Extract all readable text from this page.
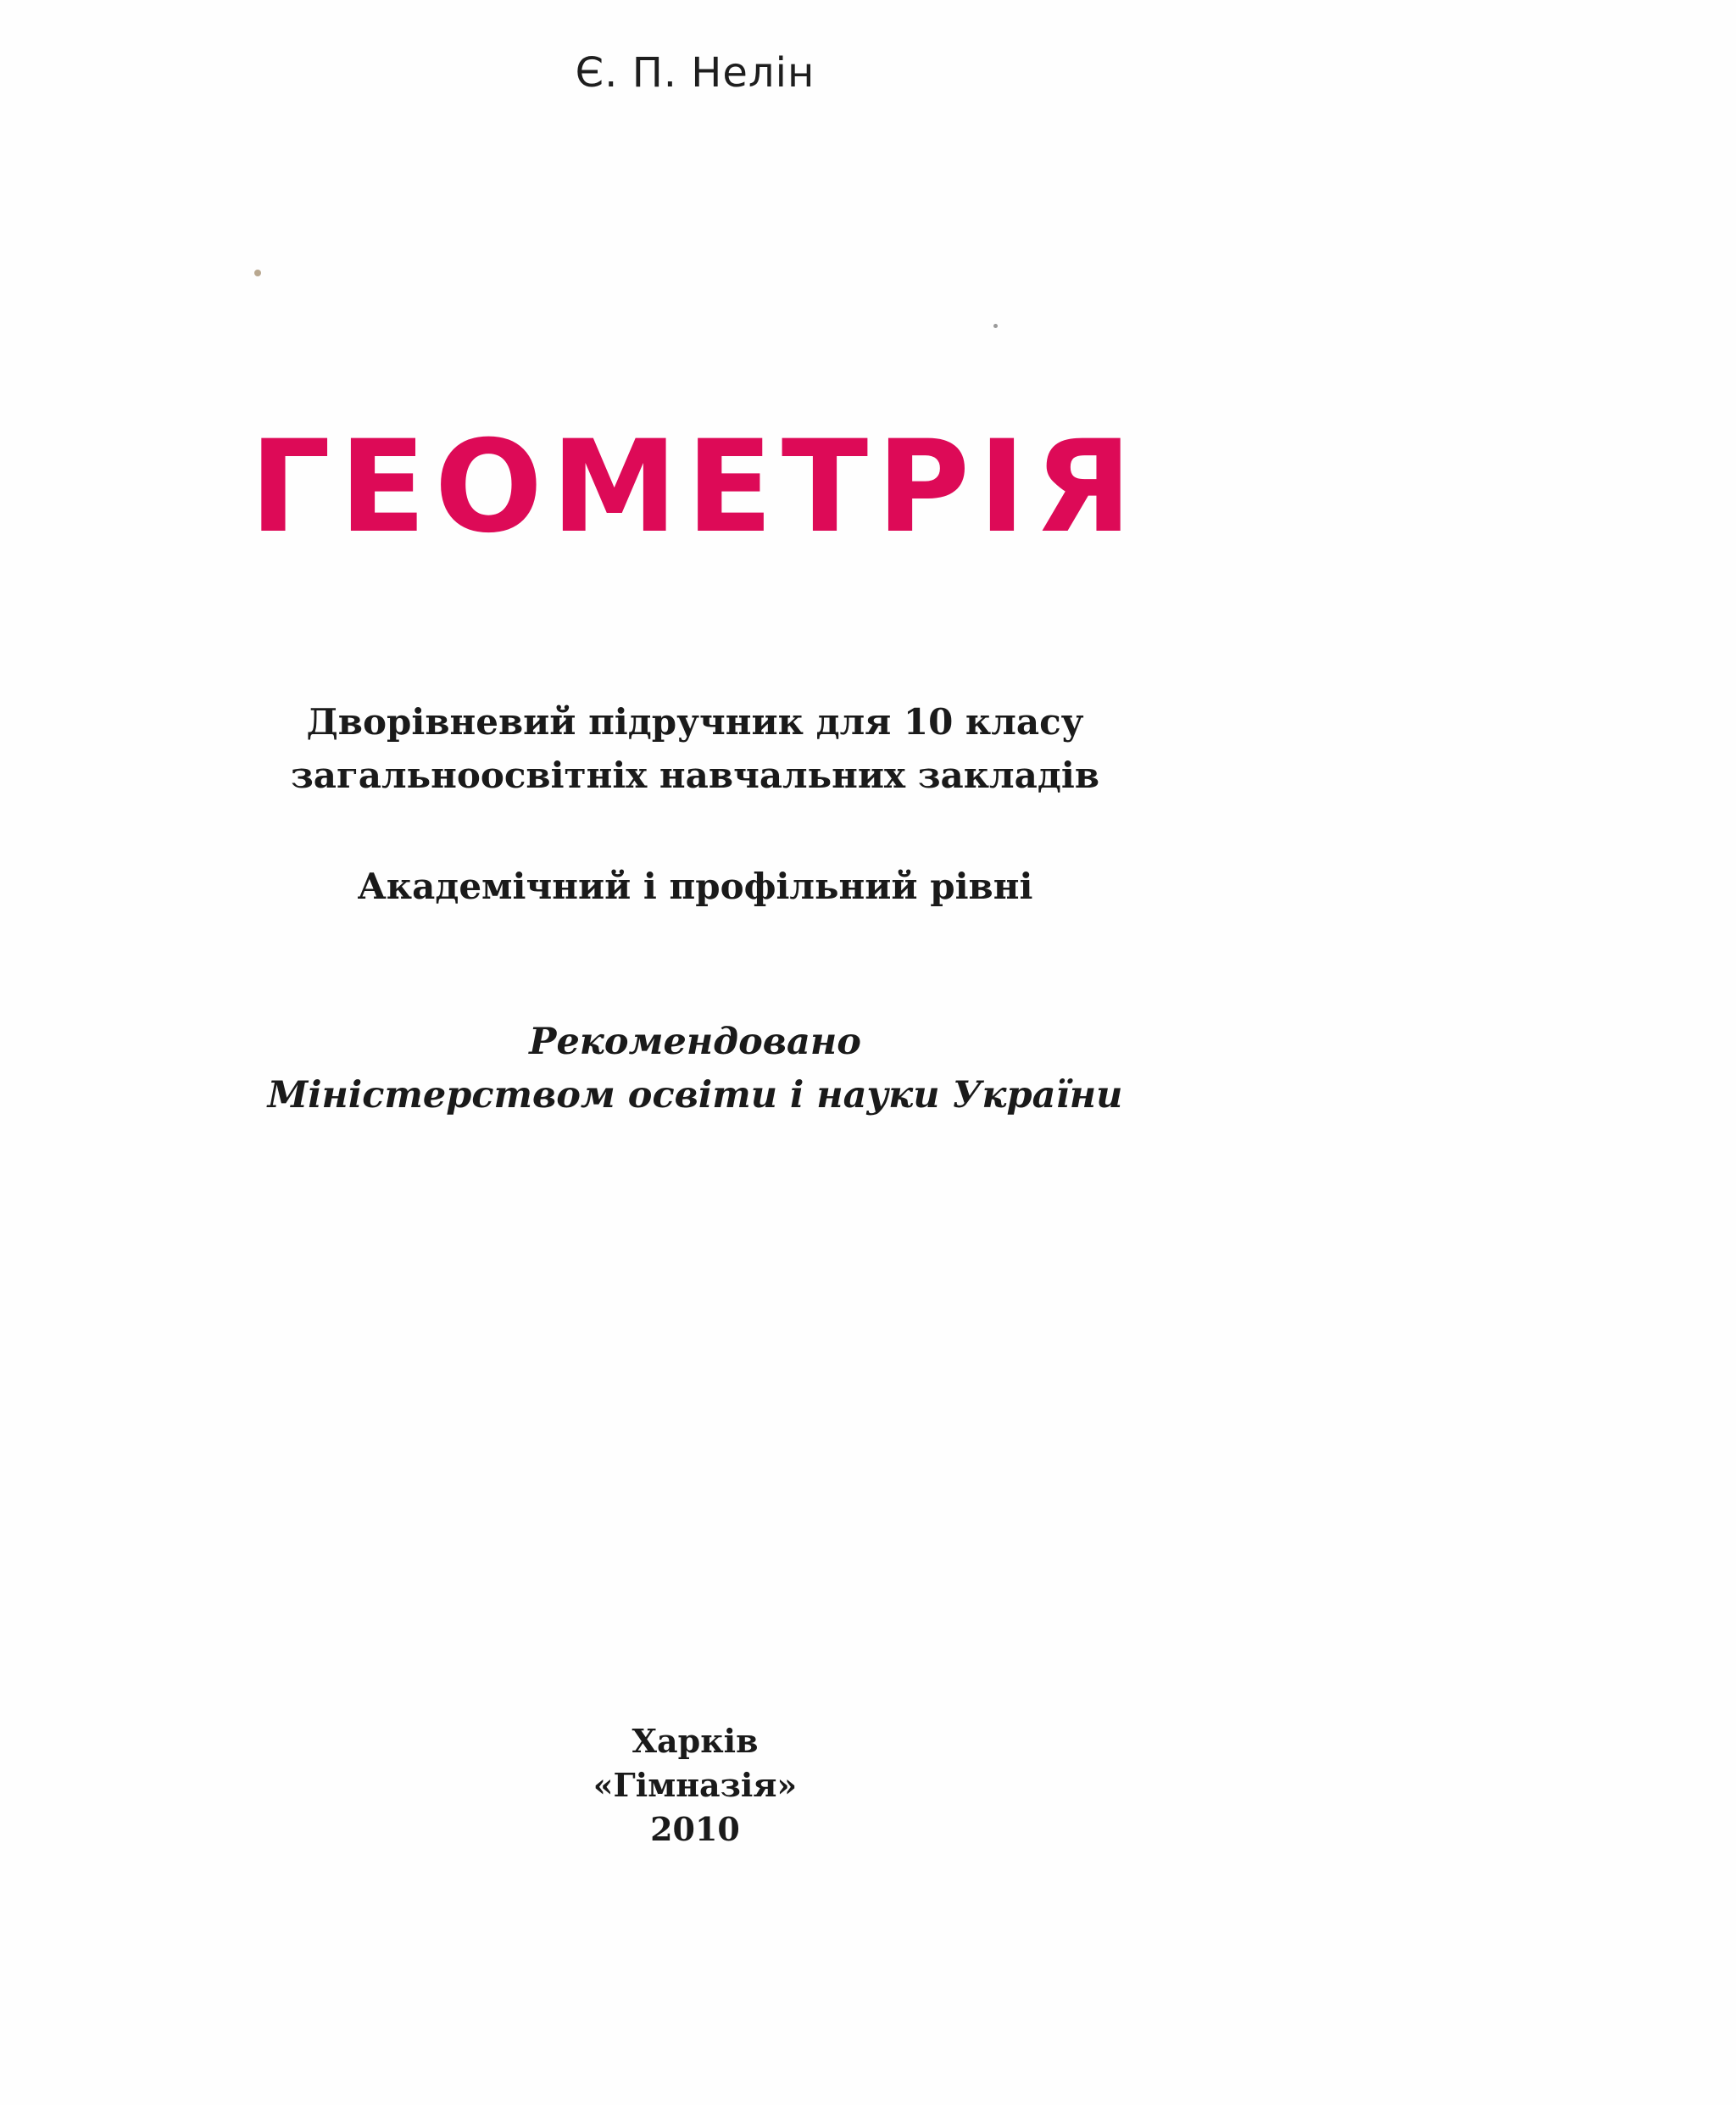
Є. П. Нелін
ГЕОМЕТРІЯ
Дворівневий підручник для 10 класу
загальноосвітніх навчальних закладів
Академічний і профільний рівні
Рекомендовано
Міністерством освіти і науки України
Харків
«Гімназія»
2010
